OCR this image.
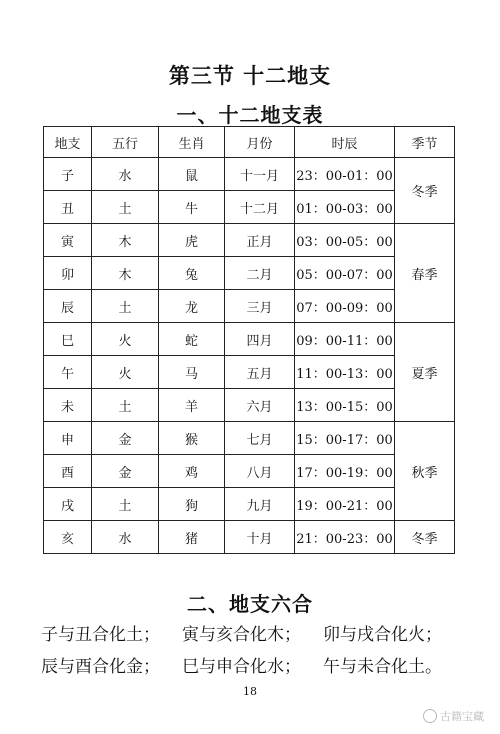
第三节 十二地支
一、十二地支表
地支	五行	生肖	月份	时辰	季节
子	水	鼠	十一月	23：00-01：00	冬季
丑	土	牛	十二月	01：00-03：00	
寅	木	虎	正月	03：00-05：00	春季
卯	木	兔	二月	05：00-07：00	
辰	土	龙	三月	07：00-09：00	
巳	火	蛇	四月	09：00-11：00	夏季
午	火	马	五月	11：00-13：00	
未	土	羊	六月	13：00-15：00	
申	金	猴	七月	15：00-17：00	秋季
酉	金	鸡	八月	17：00-19：00	
戌	土	狗	九月	19：00-21：00	
亥	水	猪	十月	21：00-23：00	冬季
二、地支六合
子与丑合化土； 寅与亥合化木； 卯与戌合化火；
辰与酉合化金； 巳与申合化水； 午与未合化土。
18
古籍宝藏
